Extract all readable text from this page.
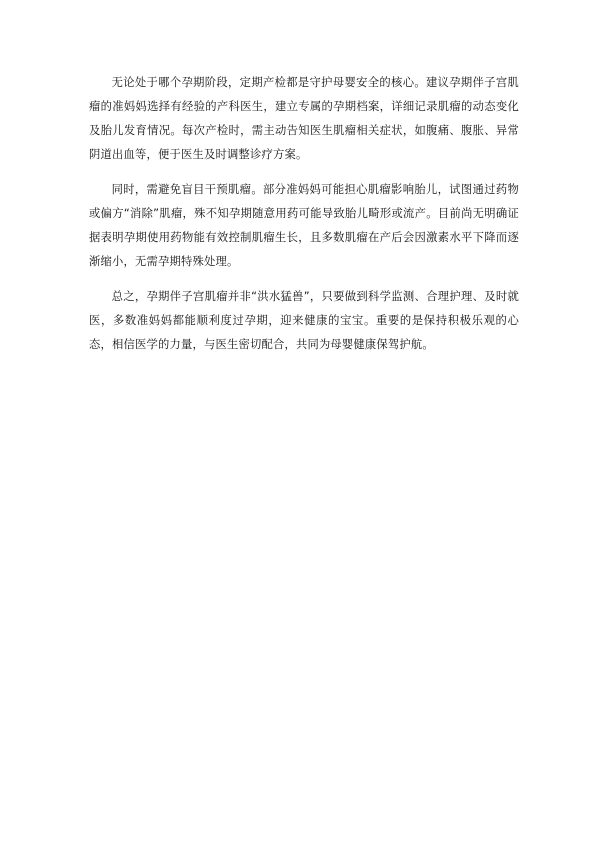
无论处于哪个孕期阶段，定期产检都是守护母婴安全的核心。建议孕期伴子宫肌瘤的准妈妈选择有经验的产科医生，建立专属的孕期档案，详细记录肌瘤的动态变化及胎儿发育情况。每次产检时，需主动告知医生肌瘤相关症状，如腹痛、腹胀、异常阴道出血等，便于医生及时调整诊疗方案。

同时，需避免盲目干预肌瘤。部分准妈妈可能担心肌瘤影响胎儿，试图通过药物或偏方“消除”肌瘤，殊不知孕期随意用药可能导致胎儿畸形或流产。目前尚无明确证据表明孕期使用药物能有效控制肌瘤生长，且多数肌瘤在产后会因激素水平下降而逐渐缩小，无需孕期特殊处理。

总之，孕期伴子宫肌瘤并非“洪水猛兽”，只要做到科学监测、合理护理、及时就医，多数准妈妈都能顺利度过孕期，迎来健康的宝宝。重要的是保持积极乐观的心态，相信医学的力量，与医生密切配合，共同为母婴健康保驾护航。
